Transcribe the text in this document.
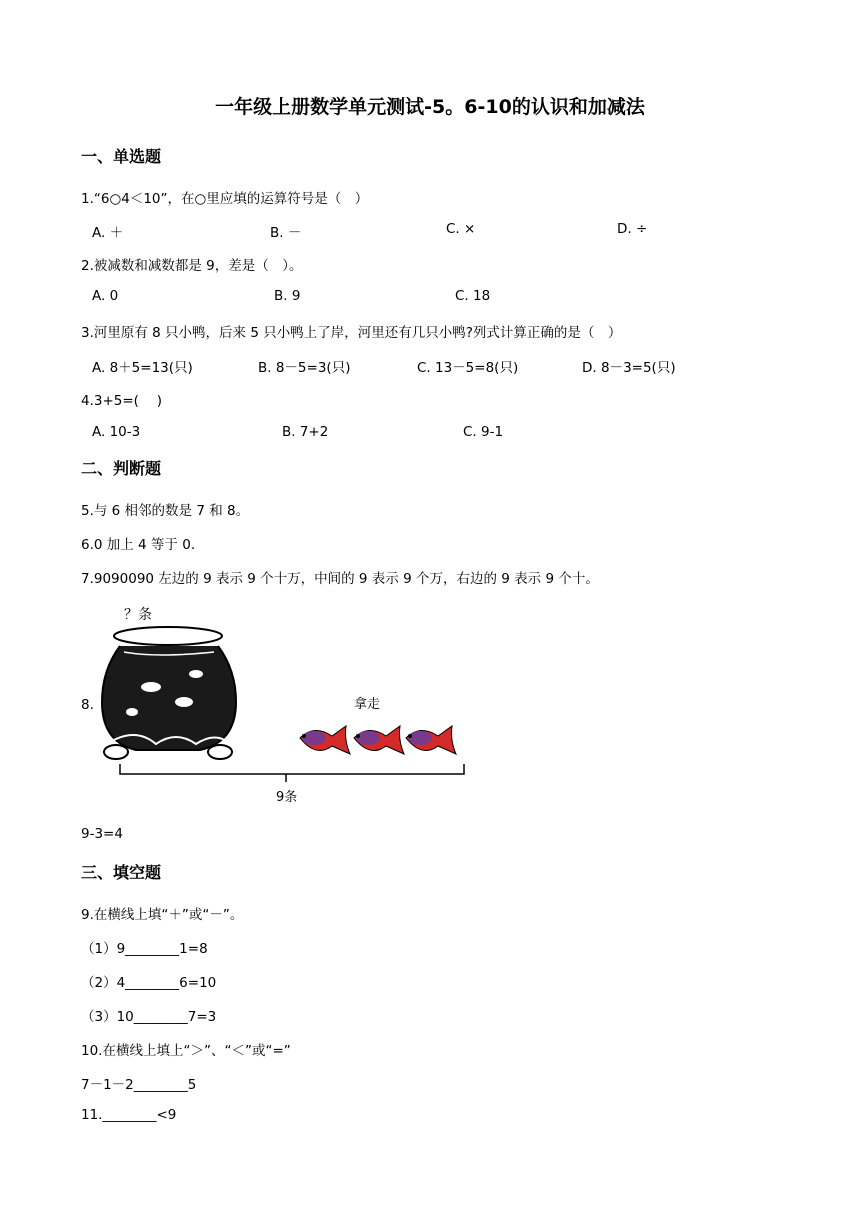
一年级上册数学单元测试-5。6-10的认识和加减法
一、单选题
1.“6○4＜10”，在○里应填的运算符号是（　）
A. ＋	B. －	C. ×	D. ÷
2.被减数和减数都是 9，差是（　）。
A. 0	B. 9	C. 18
3.河里原有 8 只小鸭，后来 5 只小鸭上了岸，河里还有几只小鸭?列式计算正确的是（　）
A. 8＋5=13(只)	B. 8－5=3(只)	C. 13－5=8(只)	D. 8－3=5(只)
4.3+5=(　 )
A. 10-3	B. 7+2	C. 9-1
二、判断题
5.与 6 相邻的数是 7 和 8。
6.0 加上 4 等于 0.
7.9090090 左边的 9 表示 9 个十万，中间的 9 表示 9 个万，右边的 9 表示 9 个十。
8.
？条
拿走
9条
9-3=4
三、填空题
9.在横线上填“＋”或“－”。
（1）9________1=8
（2）4________6=10
（3）10________7=3
10.在横线上填上“＞”、“＜”或“=”
7－1－2________5
11.________<9
